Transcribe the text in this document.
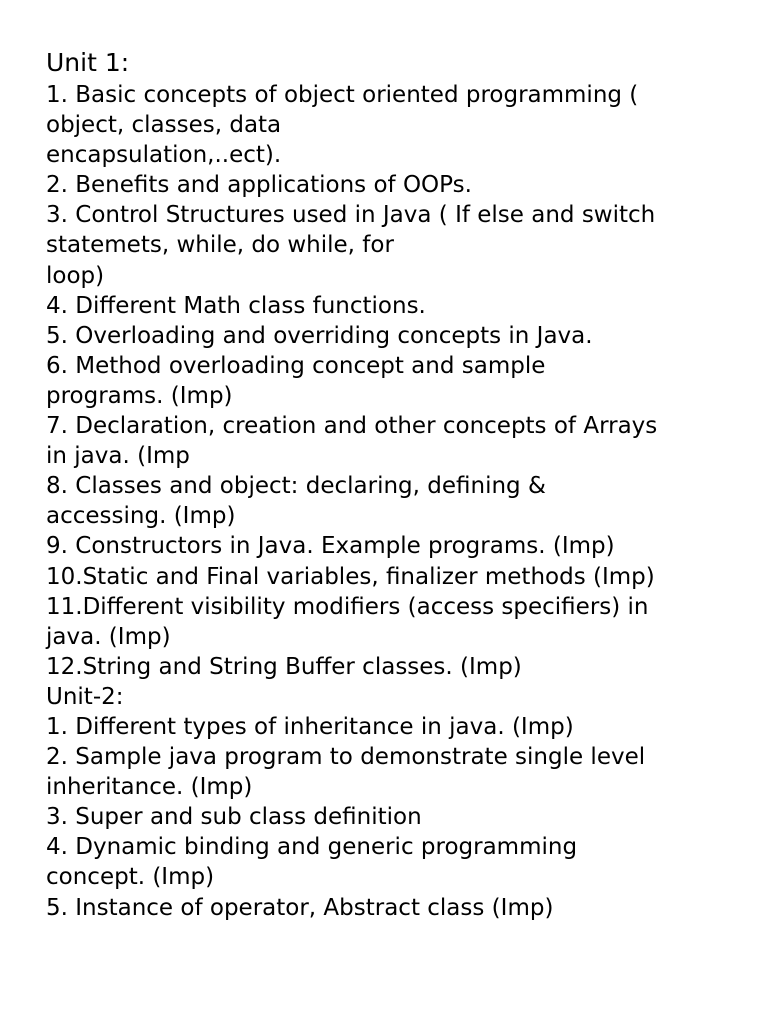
Unit 1:
1. Basic concepts of object oriented programming (
object, classes, data
encapsulation,..ect).
2. Benefits and applications of OOPs.
3. Control Structures used in Java ( If else and switch
statemets, while, do while, for
loop)
4. Different Math class functions.
5. Overloading and overriding concepts in Java.
6. Method overloading concept and sample
programs. (Imp)
7. Declaration, creation and other concepts of Arrays
in java. (Imp
8. Classes and object: declaring, defining &
accessing. (Imp)
9. Constructors in Java. Example programs. (Imp)
10.Static and Final variables, finalizer methods (Imp)
11.Different visibility modifiers (access specifiers) in
java. (Imp)
12.String and String Buffer classes. (Imp)
Unit-2:
1. Different types of inheritance in java. (Imp)
2. Sample java program to demonstrate single level
inheritance. (Imp)
3. Super and sub class definition
4. Dynamic binding and generic programming
concept. (Imp)
5. Instance of operator, Abstract class (Imp)
